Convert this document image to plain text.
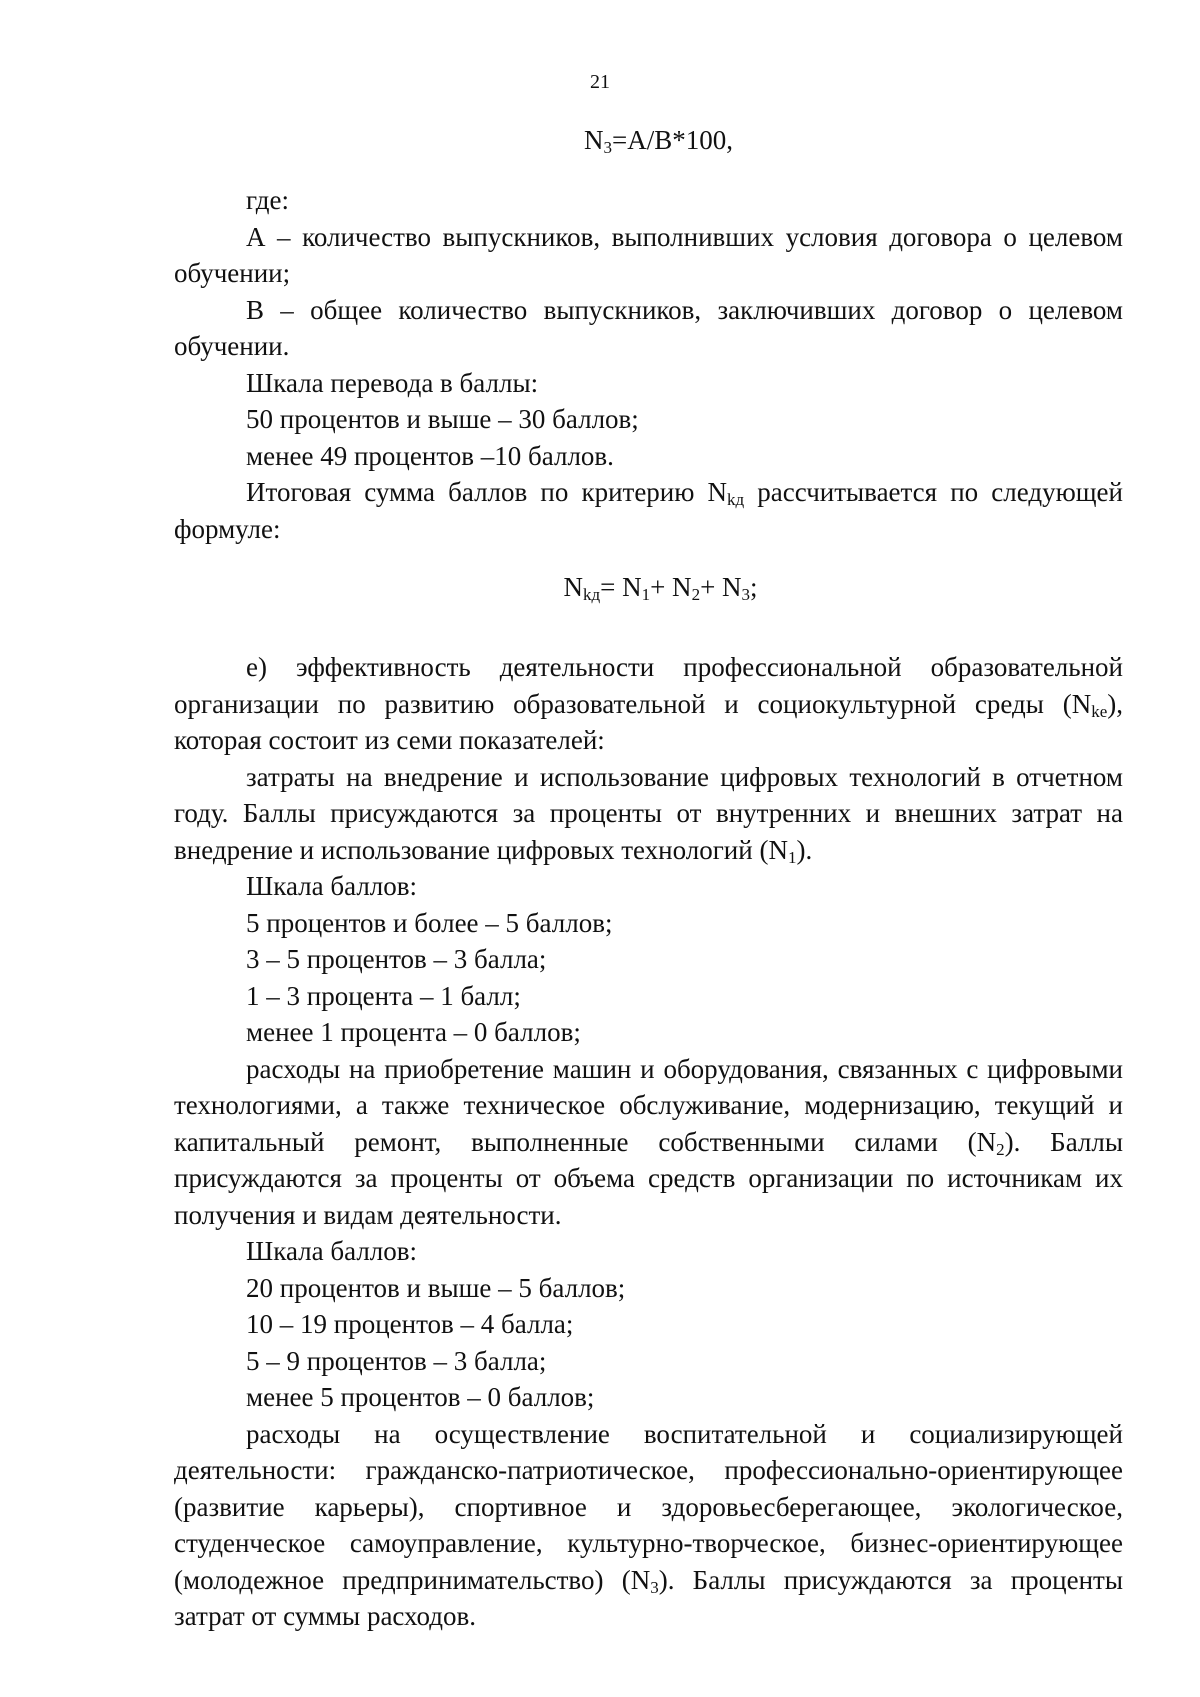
21
$N_3=A/B*100$,

где:

А – количество выпускников, выполнивших условия договора о целевом обучении;

В – общее количество выпускников, заключивших договор о целевом обучении.

Шкала перевода в баллы:

50 процентов и выше – 30 баллов;

менее 49 процентов –10 баллов.

Итоговая сумма баллов по критерию $N_{kд}$ рассчитывается по следующей формуле:

$N_{kд}= N_1+ N_2+ N_3$;

е) эффективность деятельности профессиональной образовательной организации по развитию образовательной и социокультурной среды $(N_{kе})$, которая состоит из семи показателей:

затраты на внедрение и использование цифровых технологий в отчетном году. Баллы присуждаются за проценты от внутренних и внешних затрат на внедрение и использование цифровых технологий $(N_1)$.

Шкала баллов:

5 процентов и более – 5 баллов;

3 – 5 процентов – 3 балла;

1 – 3 процента – 1 балл;

менее 1 процента – 0 баллов;

расходы на приобретение машин и оборудования, связанных с цифровыми технологиями, а также техническое обслуживание, модернизацию, текущий и капитальный ремонт, выполненные собственными силами $(N_2)$. Баллы присуждаются за проценты от объема средств организации по источникам их получения и видам деятельности.

Шкала баллов:

20 процентов и выше – 5 баллов;

10 – 19 процентов – 4 балла;

5 – 9 процентов – 3 балла;

менее 5 процентов – 0 баллов;

расходы на осуществление воспитательной и социализирующей деятельности: гражданско-патриотическое, профессионально-ориентирующее (развитие карьеры), спортивное и здоровьесберегающее, экологическое, студенческое самоуправление, культурно-творческое, бизнес-ориентирующее (молодежное предпринимательство) $(N_3)$. Баллы присуждаются за проценты затрат от суммы расходов.
